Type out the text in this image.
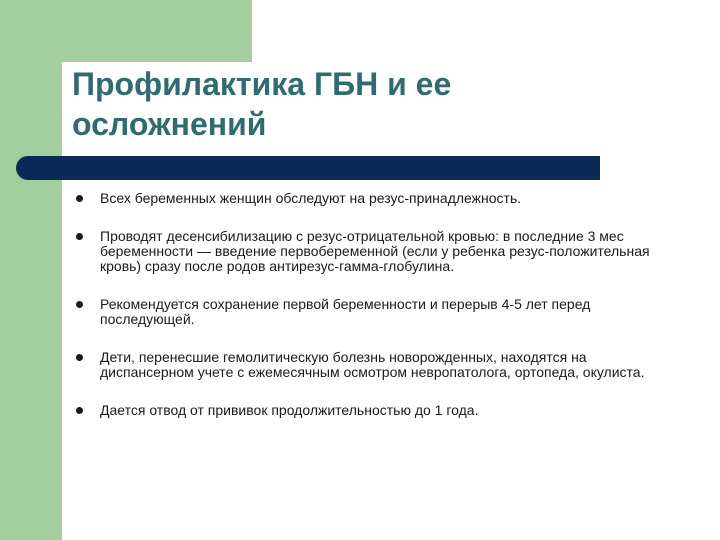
Профилактика ГБН и ее
осложнений
Всех беременных женщин обследуют на резус-принадлежность.
Проводят десенсибилизацию с резус-отрицательной кровью: в последние 3 мес беременности — введение первобеременной (если у ребенка резус-положительная кровь) сразу после родов антирезус-гамма-глобулина.
Рекомендуется сохранение первой беременности и перерыв 4-5 лет перед последующей.
Дети, перенесшие гемолитическую болезнь новорожденных, находятся на диспансерном учете с ежемесячным осмотром невропатолога, ортопеда, окулиста.
Дается отвод от прививок продолжительностью до 1 года.
